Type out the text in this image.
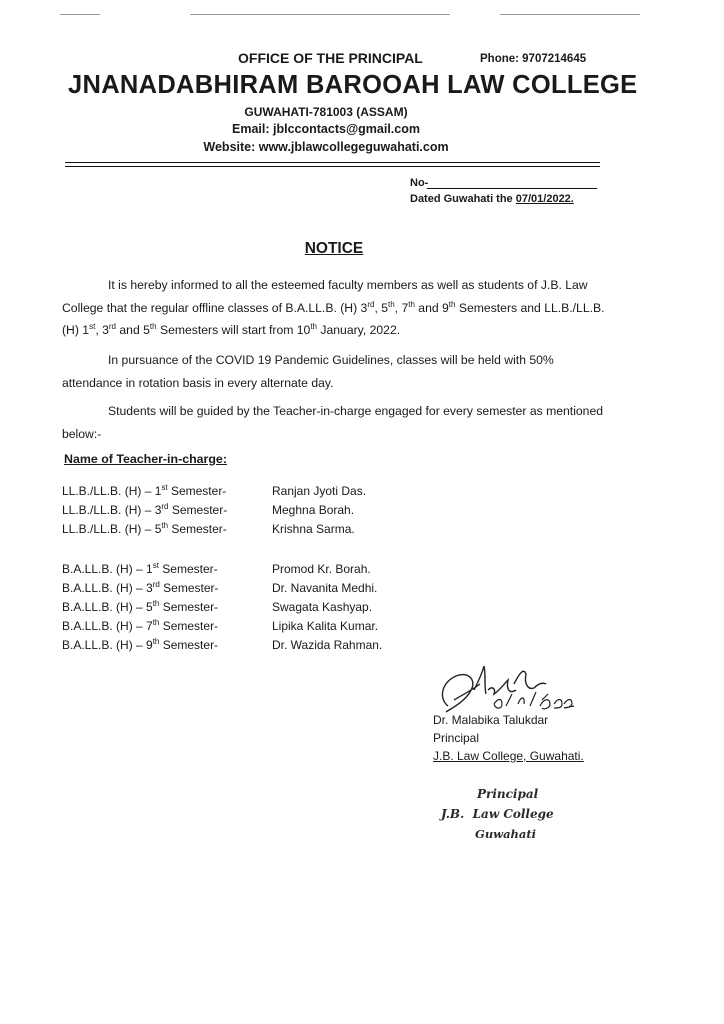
OFFICE OF THE PRINCIPAL	Phone: 9707214645
JNANADABHIRAM BAROOAH LAW COLLEGE
GUWAHATI-781003 (ASSAM)
Email: jblccontacts@gmail.com
Website: www.jblawcollegeguwahati.com
No-
Dated Guwahati the 07/01/2022.
NOTICE
It is hereby informed to all the esteemed faculty members as well as students of J.B. Law College that the regular offline classes of B.A.LL.B. (H) 3rd, 5th, 7th and 9th Semesters and LL.B./LL.B. (H) 1st, 3rd and 5th Semesters will start from 10th January, 2022.
In pursuance of the COVID 19 Pandemic Guidelines, classes will be held with 50% attendance in rotation basis in every alternate day.
Students will be guided by the Teacher-in-charge engaged for every semester as mentioned below:-
Name of Teacher-in-charge:
LL.B./LL.B. (H) – 1st Semester-	Ranjan Jyoti Das.
LL.B./LL.B. (H) – 3rd Semester-	Meghna Borah.
LL.B./LL.B. (H) – 5th Semester-	Krishna Sarma.
B.A.LL.B. (H) – 1st Semester-	Promod Kr. Borah.
B.A.LL.B. (H) – 3rd Semester-	Dr. Navanita Medhi.
B.A.LL.B. (H) – 5th Semester-	Swagata Kashyap.
B.A.LL.B. (H) – 7th Semester-	Lipika Kalita Kumar.
B.A.LL.B. (H) – 9th Semester-	Dr. Wazida Rahman.
Dr. Malabika Talukdar
Principal
J.B. Law College, Guwahati.
Principal
J.B.  Law College
Guwahati
